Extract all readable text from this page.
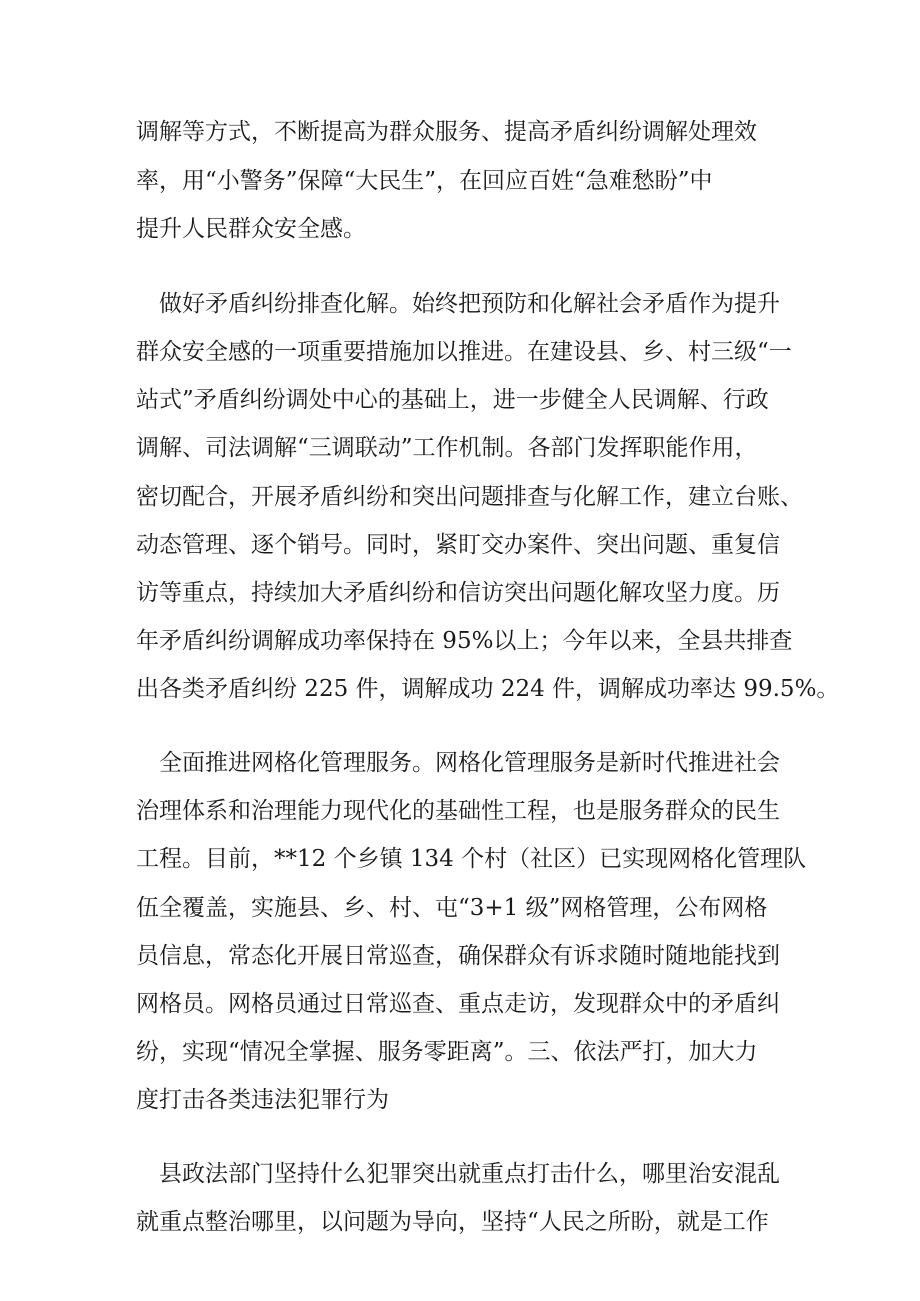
调解等方式，不断提高为群众服务、提高矛盾纠纷调解处理效
率，用“小警务”保障“大民生”，在回应百姓“急难愁盼”中
提升人民群众安全感。
　做好矛盾纠纷排查化解。始终把预防和化解社会矛盾作为提升
群众安全感的一项重要措施加以推进。在建设县、乡、村三级“一
站式”矛盾纠纷调处中心的基础上，进一步健全人民调解、行政
调解、司法调解“三调联动”工作机制。各部门发挥职能作用，
密切配合，开展矛盾纠纷和突出问题排查与化解工作，建立台账、
动态管理、逐个销号。同时，紧盯交办案件、突出问题、重复信
访等重点，持续加大矛盾纠纷和信访突出问题化解攻坚力度。历
年矛盾纠纷调解成功率保持在 95%以上；今年以来，全县共排查
出各类矛盾纠纷 225 件，调解成功 224 件，调解成功率达 99.5%。
　全面推进网格化管理服务。网格化管理服务是新时代推进社会
治理体系和治理能力现代化的基础性工程，也是服务群众的民生
工程。目前，**12 个乡镇 134 个村（社区）已实现网格化管理队
伍全覆盖，实施县、乡、村、屯“3+1 级”网格管理，公布网格
员信息，常态化开展日常巡查，确保群众有诉求随时随地能找到
网格员。网格员通过日常巡查、重点走访，发现群众中的矛盾纠
纷，实现“情况全掌握、服务零距离”。三、依法严打，加大力
度打击各类违法犯罪行为
　县政法部门坚持什么犯罪突出就重点打击什么，哪里治安混乱
就重点整治哪里，以问题为导向，坚持“人民之所盼，就是工作
